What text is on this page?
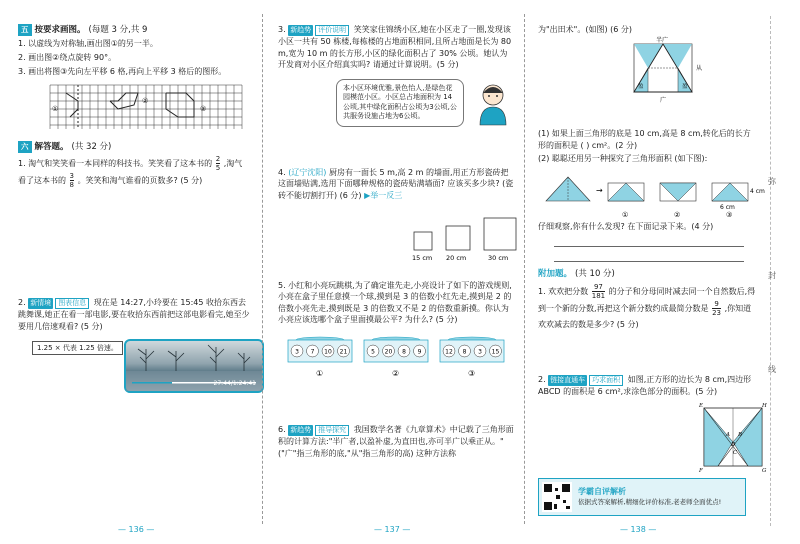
五 按要求画图。 (每题 3 分,共 9
1. 以虚线为对称轴,画出图①的另一半。
2. 画出图②绕点旋转 90°。
3. 画出将图③先向左平移 6 格,再向上平移 3 格后的图形。
①
②
③
六 解答题。 (共 32 分)
1. 淘气和笑笑看一本同样的科技书。笑笑看了这本书的 $\frac{2}{5}$ ,淘气
看了这本书的 $\frac{3}{8}$ 。笑笑和淘气谁看的页数多? (5 分)
2. 新情境 图表信息 现在是 14:27,小玲要在 15:45 收拾东西去跳舞课,她正在看一部电影,要在收拾东西前把这部电影看完,她至少要用几倍速观看? (5 分)
1.25 × 代表 1.25 倍速。
27:44/1:24:41
— 136 —
3. 新趋势 评价说明 笑笑家住锦绣小区,她在小区走了一圈,发现该小区一共有 50 栋楼,每栋楼的占地面积相同,且所占地面是长为 80 m,宽为 10 m 的长方形,小区的绿化面积占了 30% 公顷。她认为开发商对小区介绍真实吗? 请通过计算说明。(5 分)
本小区环境优雅,景色怡人,是绿色花园模范小区。小区总占地面积为 14公顷,其中绿化面积占公顷为3公顷,公共服务设施占地为6公顷。
4. (辽宁沈阳) 厨房有一面长 5 m,高 2 m 的墙面,用正方形瓷砖把这面墙贴满,选用下面哪种规格的瓷砖贴满墙面? 应该买多少块? (瓷砖不能切割打开) (6 分) ▶举一反三
15 cm 20 cm	30 cm
5. 小红和小亮玩跳棋,为了确定谁先走,小亮设计了如下的游戏规则,小亮在盒子里任意摸一个球,摸到是 3 的倍数小红先走,摸到是 2 的倍数小亮先走,摸到既是 3 的倍数又不是 2 的倍数重新摸。你认为小亮应该选哪个盒子里面摸最公平? 为什么? (5 分)
3 7 10 21
①
5 20 8 9
②
12 8 3 15
③
6. 新趋势 推导探究 我国数学名著《九章算术》中记载了三角形面积的计算方法:"半广者,以盈补虚,为直田也,亦可半广以乘正从。" ("广"指三角形的底,"从"指三角形的高) 这种方法称
— 137 —
为"出田术"。(如图) (6 分)
半广
从
盈	盈
广
(1) 如果上面三角形的底是 10 cm,高是 8 cm,转化后的长方形的面积是 ( ) cm²。(2 分)
(2) 聪聪还用另一种探究了三角形面积 (如下图):
→	4 cm
6 cm
①	②	③
仔细观察,你有什么发现? 在下面记录下来。(4 分)
附加题。 (共 10 分)
1. 欢欢把分数 $\frac{97}{181}$ 的分子和分母同时减去同一个自然数后,得到一个新的分数,再把这个新分数约成最简分数是 $\frac{9}{23}$ ,你知道欢欢减去的数是多少? (5 分)
2. 链接直通车 巧求面积 如图,正方形的边长为 8 cm,四边形 ABCD 的面积是 6 cm²,求涂色部分的面积。(5 分)
E	H
A B
C
D
F	G
学霸自评解析
依据式答案解析,精细化评价标准,老老师全面优点!
— 138 —
弥
封
线
